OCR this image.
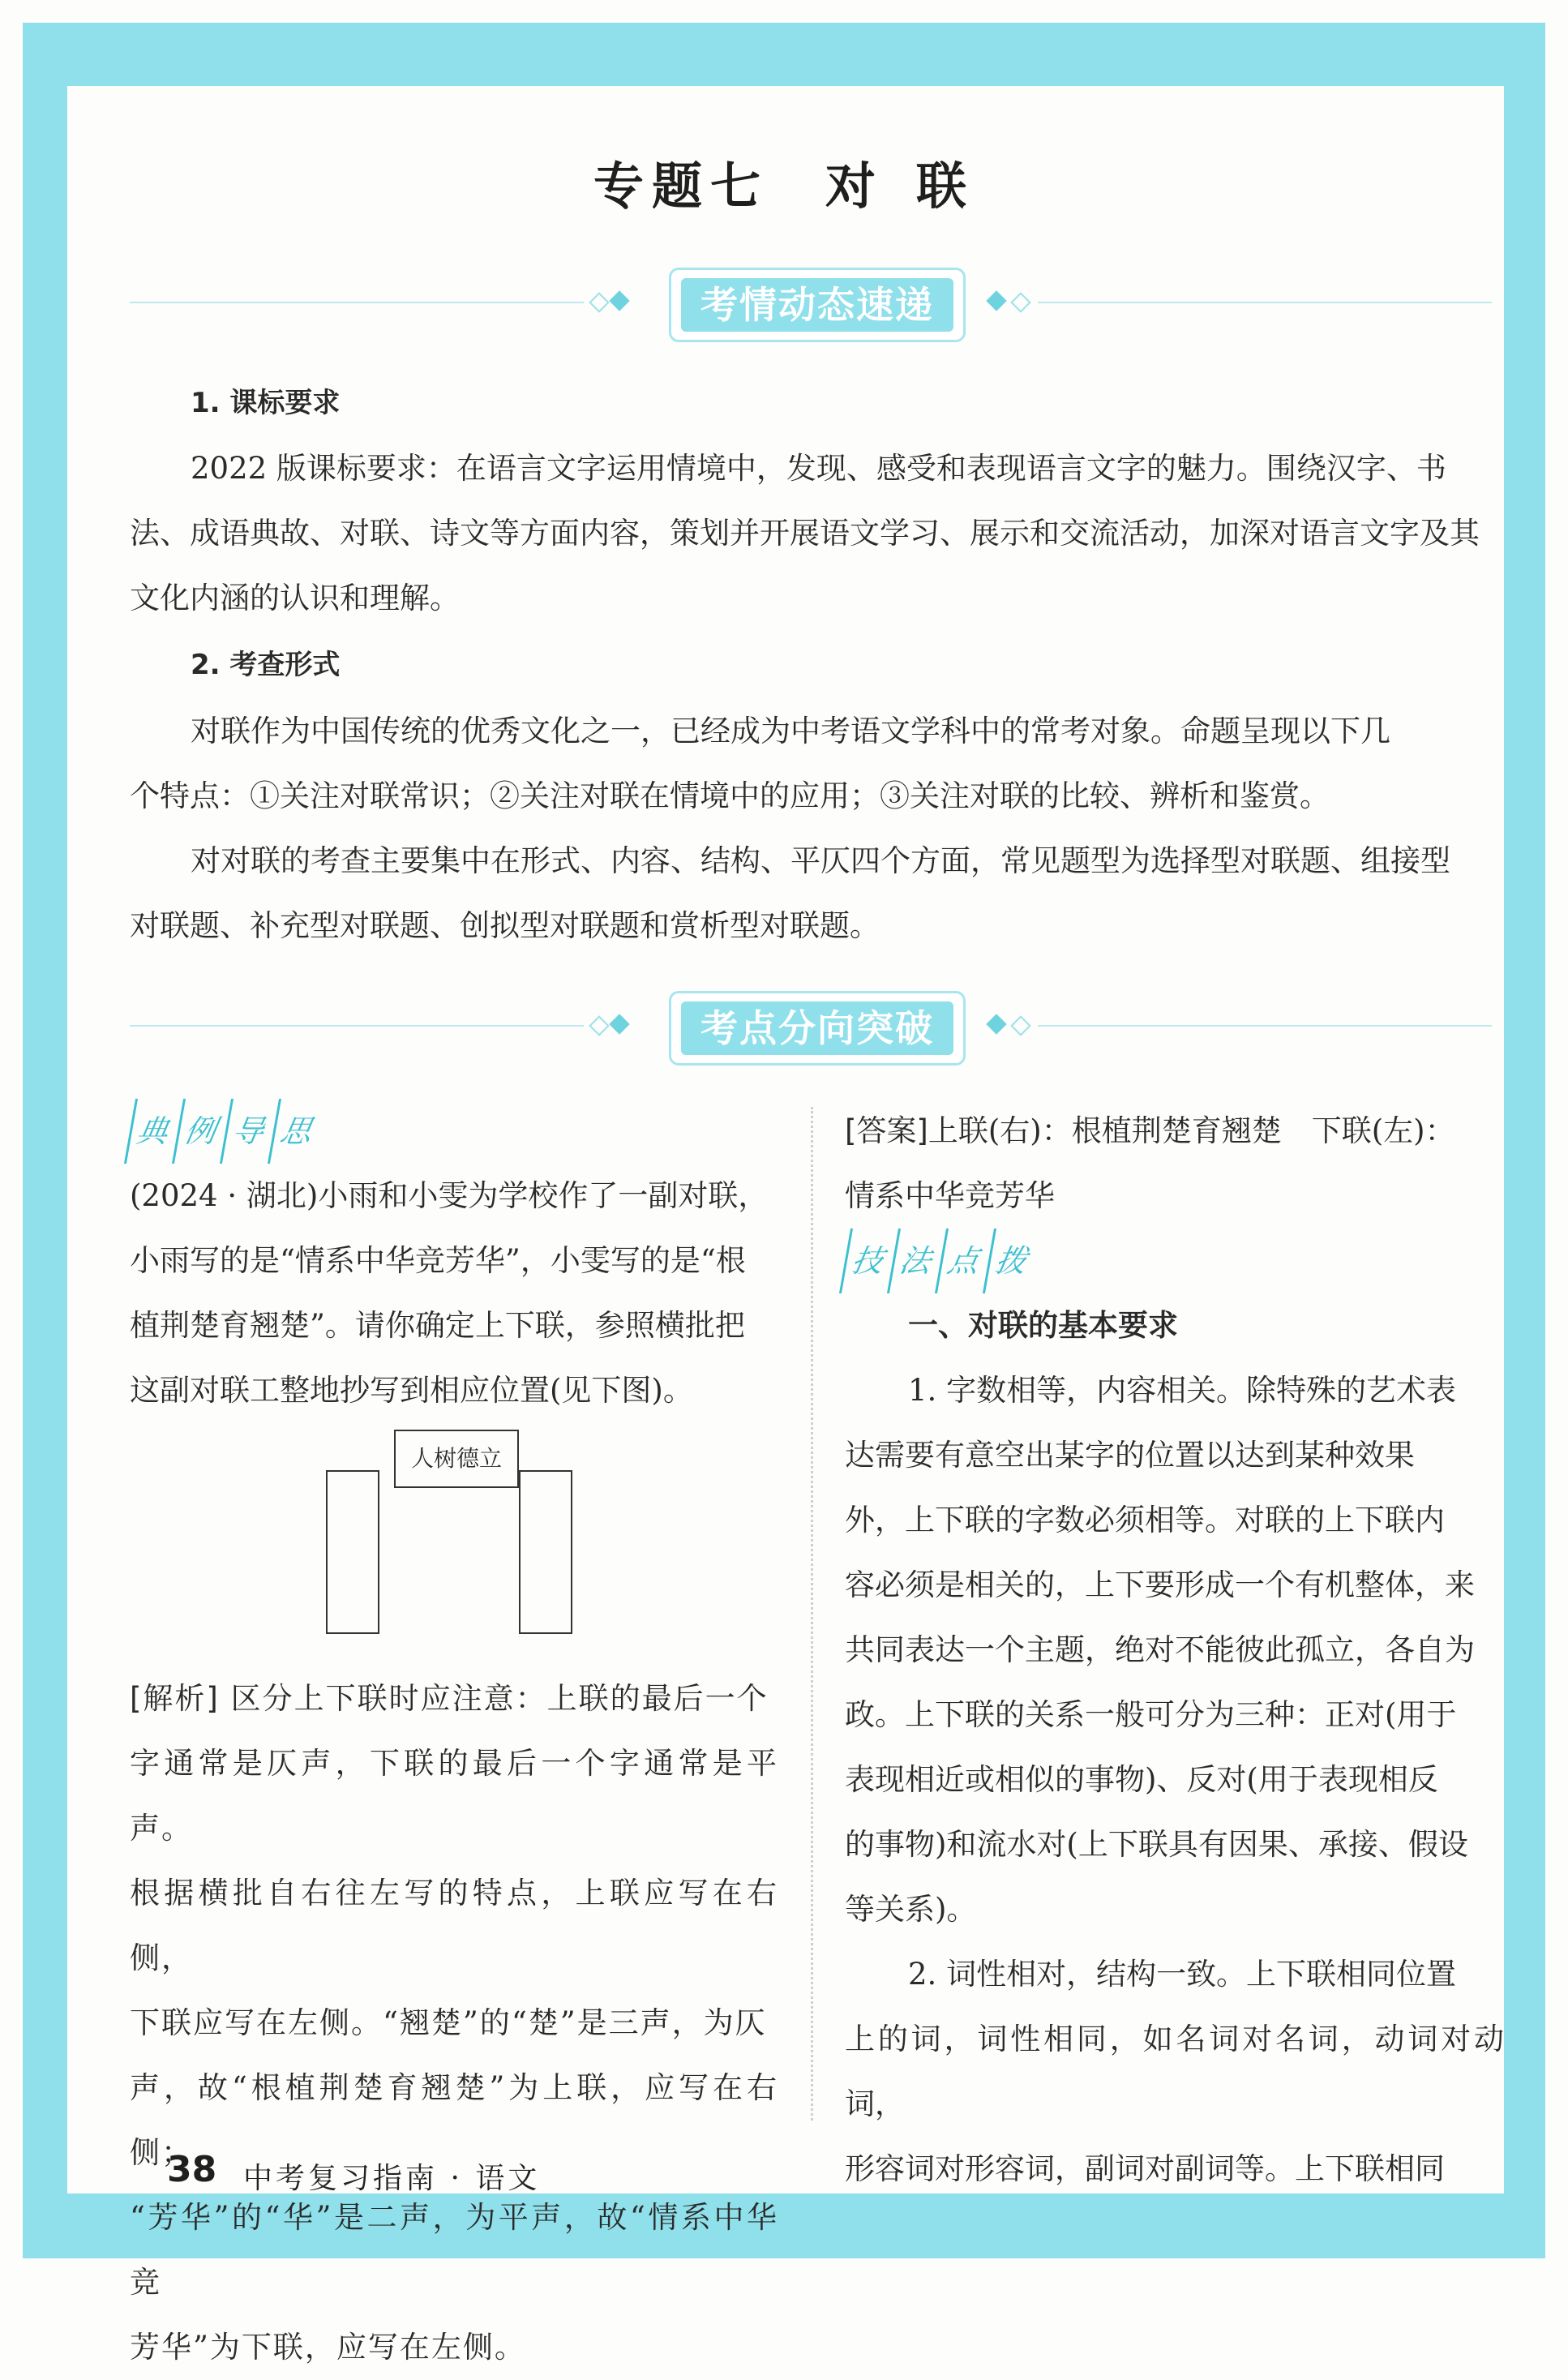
专题七 对 联
考情动态速递
1. 课标要求
2022 版课标要求：在语言文字运用情境中，发现、感受和表现语言文字的魅力。围绕汉字、书
法、成语典故、对联、诗文等方面内容，策划并开展语文学习、展示和交流活动，加深对语言文字及其
文化内涵的认识和理解。
2. 考查形式
对联作为中国传统的优秀文化之一，已经成为中考语文学科中的常考对象。命题呈现以下几
个特点：①关注对联常识；②关注对联在情境中的应用；③关注对联的比较、辨析和鉴赏。
对对联的考查主要集中在形式、内容、结构、平仄四个方面，常见题型为选择型对联题、组接型
对联题、补充型对联题、创拟型对联题和赏析型对联题。
考点分向突破
典 例 导 思

(2024 · 湖北)小雨和小雯为学校作了一副对联，

小雨写的是“情系中华竞芳华”，小雯写的是“根

植荆楚育翘楚”。请你确定上下联，参照横批把

这副对联工整地抄写到相应位置(见下图)。

人树德立

[解析] 区分上下联时应注意：上联的最后一个

字通常是仄声，下联的最后一个字通常是平声。

根据横批自右往左写的特点，上联应写在右侧，

下联应写在左侧。“翘楚”的“楚”是三声，为仄

声，故“根植荆楚育翘楚”为上联，应写在右侧；

“芳华”的“华”是二声，为平声，故“情系中华竞

芳华”为下联，应写在左侧。

[答案]上联(右)：根植荆楚育翘楚　下联(左)：

情系中华竞芳华

技 法 点 拨

一、对联的基本要求

1. 字数相等，内容相关。除特殊的艺术表

达需要有意空出某字的位置以达到某种效果

外，上下联的字数必须相等。对联的上下联内

容必须是相关的，上下要形成一个有机整体，来

共同表达一个主题，绝对不能彼此孤立，各自为

政。上下联的关系一般可分为三种：正对(用于

表现相近或相似的事物)、反对(用于表现相反

的事物)和流水对(上下联具有因果、承接、假设

等关系)。

2. 词性相对，结构一致。上下联相同位置

上的词，词性相同，如名词对名词，动词对动词，

形容词对形容词，副词对副词等。上下联相同

38 中考复习指南 · 语文
